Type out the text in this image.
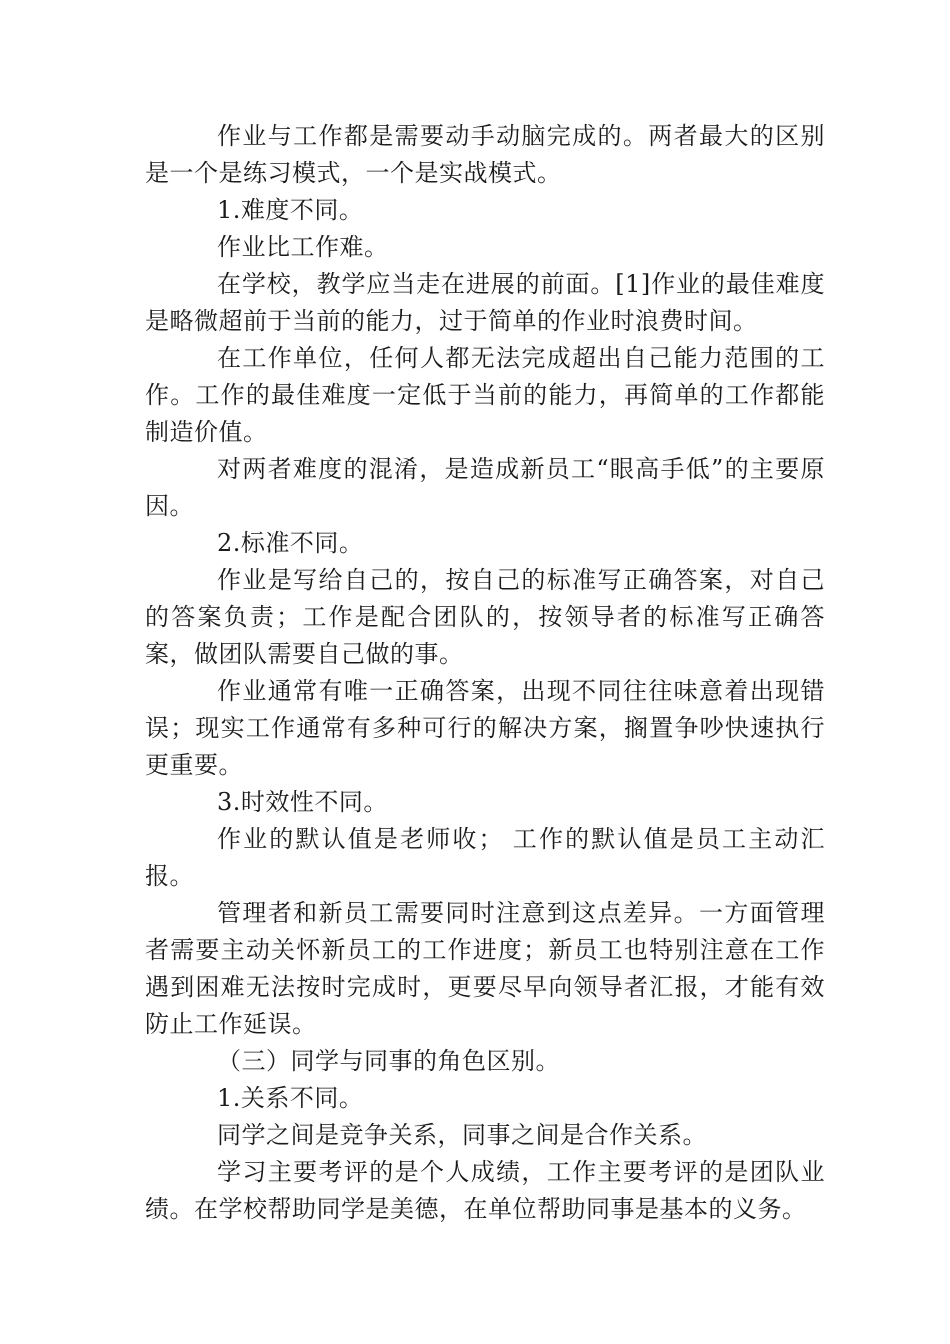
作业与工作都是需要动手动脑完成的。两者最大的区别是一个是练习模式，一个是实战模式。

1.难度不同。

作业比工作难。

在学校，教学应当走在进展的前面。[1]作业的最佳难度是略微超前于当前的能力，过于简单的作业时浪费时间。

在工作单位，任何人都无法完成超出自己能力范围的工作。工作的最佳难度一定低于当前的能力，再简单的工作都能制造价值。

对两者难度的混淆，是造成新员工“眼高手低”的主要原因。

2.标准不同。

作业是写给自己的，按自己的标准写正确答案，对自己的答案负责；工作是配合团队的，按领导者的标准写正确答案，做团队需要自己做的事。

作业通常有唯一正确答案，出现不同往往味意着出现错误；现实工作通常有多种可行的解决方案，搁置争吵快速执行更重要。

3.时效性不同。

作业的默认值是老师收； 工作的默认值是员工主动汇报。

管理者和新员工需要同时注意到这点差异。一方面管理者需要主动关怀新员工的工作进度；新员工也特别注意在工作遇到困难无法按时完成时，更要尽早向领导者汇报，才能有效防止工作延误。

（三）同学与同事的角色区别。

1.关系不同。

同学之间是竞争关系，同事之间是合作关系。

学习主要考评的是个人成绩，工作主要考评的是团队业绩。在学校帮助同学是美德，在单位帮助同事是基本的义务。
